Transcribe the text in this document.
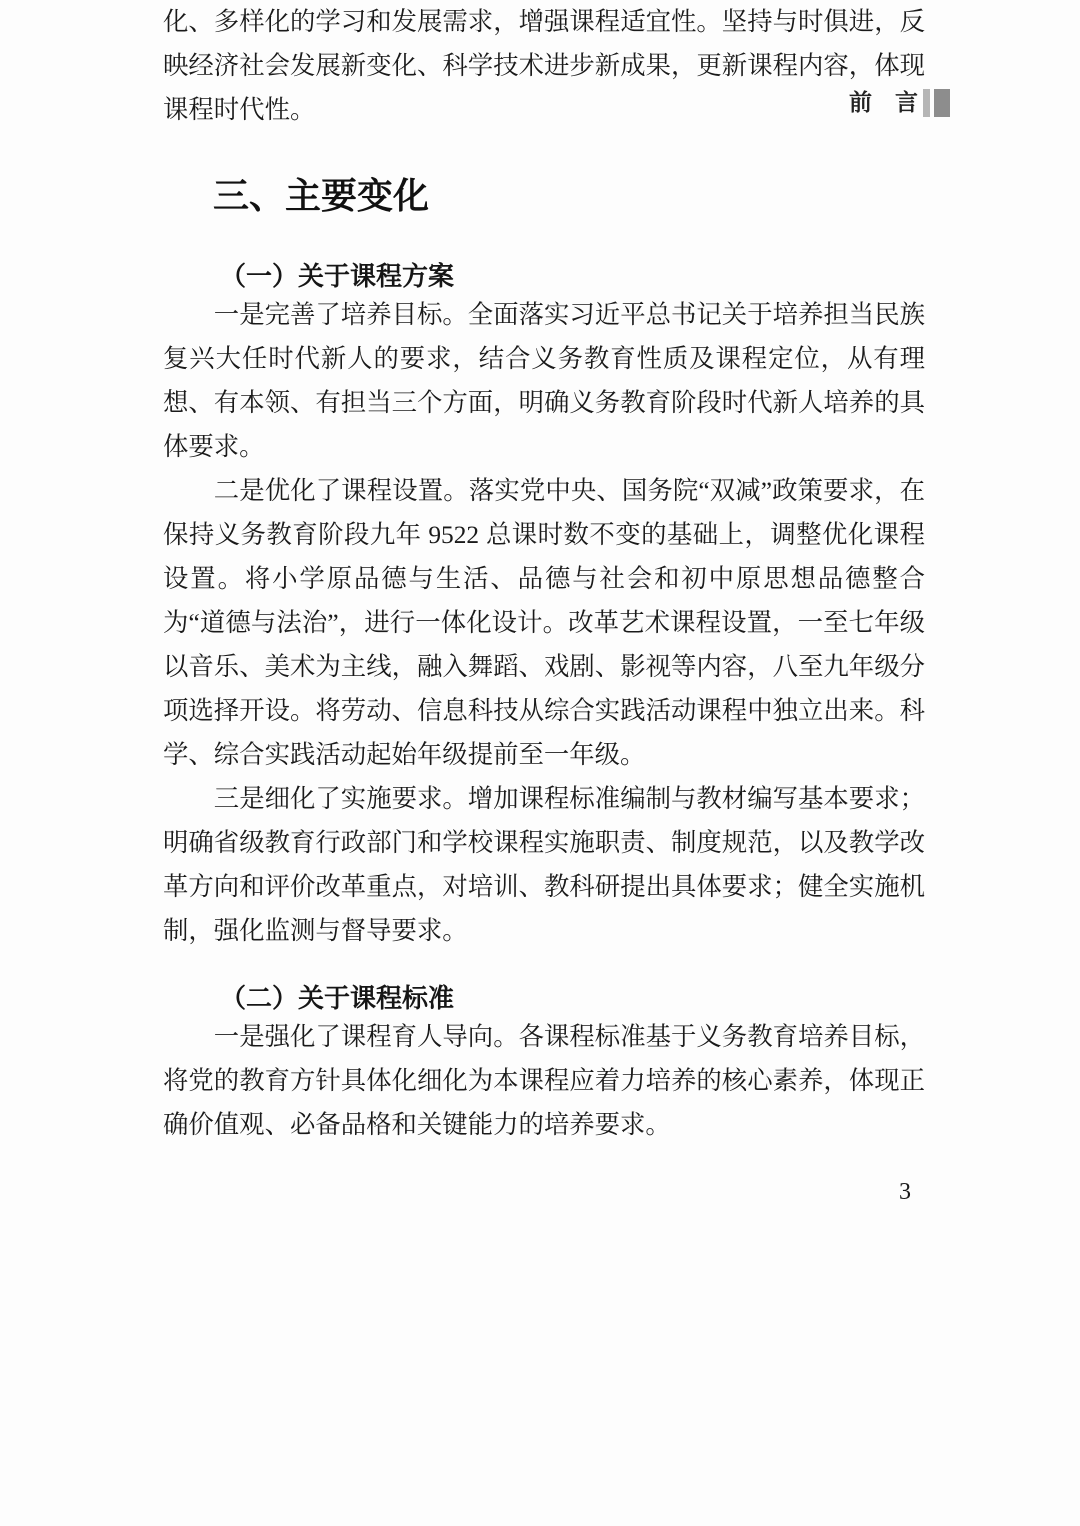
前　言

化、多样化的学习和发展需求，增强课程适宜性。坚持与时俱进，反映经济社会发展新变化、科学技术进步新成果，更新课程内容，体现课程时代性。

三、主要变化
（一）关于课程方案

一是完善了培养目标。全面落实习近平总书记关于培养担当民族复兴大任时代新人的要求，结合义务教育性质及课程定位，从有理想、有本领、有担当三个方面，明确义务教育阶段时代新人培养的具体要求。

二是优化了课程设置。落实党中央、国务院“双减”政策要求，在保持义务教育阶段九年 9522 总课时数不变的基础上，调整优化课程设置。将小学原品德与生活、品德与社会和初中原思想品德整合为“道德与法治”，进行一体化设计。改革艺术课程设置，一至七年级以音乐、美术为主线，融入舞蹈、戏剧、影视等内容，八至九年级分项选择开设。将劳动、信息科技从综合实践活动课程中独立出来。科学、综合实践活动起始年级提前至一年级。

三是细化了实施要求。增加课程标准编制与教材编写基本要求；明确省级教育行政部门和学校课程实施职责、制度规范，以及教学改革方向和评价改革重点，对培训、教科研提出具体要求；健全实施机制，强化监测与督导要求。

（二）关于课程标准

一是强化了课程育人导向。各课程标准基于义务教育培养目标，将党的教育方针具体化细化为本课程应着力培养的核心素养，体现正确价值观、必备品格和关键能力的培养要求。

3
